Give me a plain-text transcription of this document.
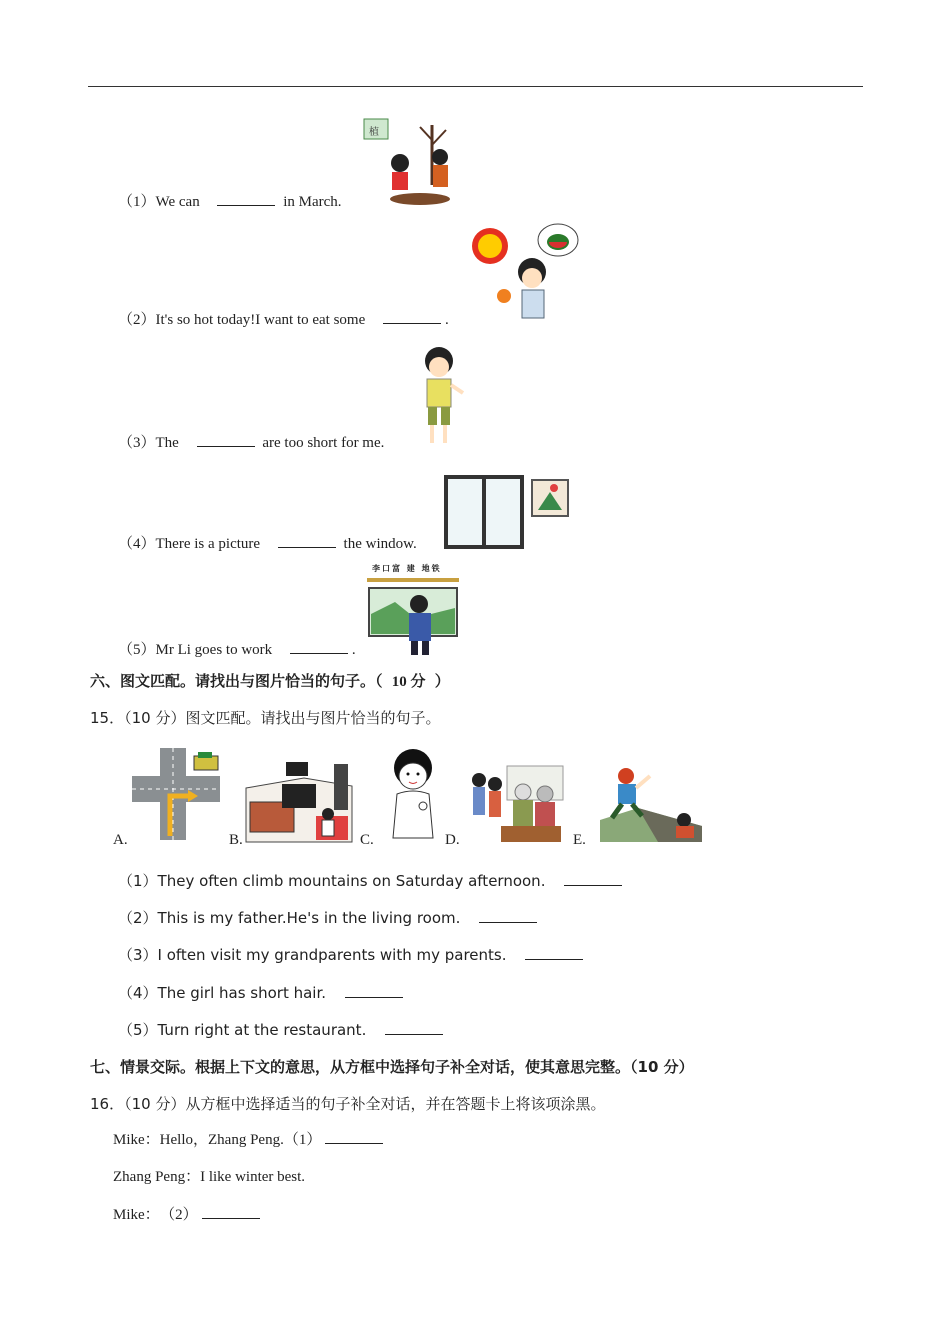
植
（1）We can	in March.
（2）It's so hot today!I want to eat some	.
（3）The	are too short for me.
（4）There is a picture	the window.
李口富 建 地铁
（5）Mr Li goes to work	.
六、图文匹配。请找出与图片恰当的句子。（ 10 分 ）
15．（10 分）图文匹配。请找出与图片恰当的句子。
A.	B.	C.	D.	E.
（1）They often climb mountains on Saturday afternoon.
（2）This is my father.He's in the living room.
（3）I often visit my grandparents with my parents.
（4）The girl has short hair.
（5）Turn right at the restaurant.
七、情景交际。根据上下文的意思，从方框中选择句子补全对话，使其意思完整。（10 分）
16．（10 分）从方框中选择适当的句子补全对话，并在答题卡上将该项涂黑。
Mike：Hello，Zhang Peng.（1）
Zhang Peng：I like winter best.
Mike： （2）
